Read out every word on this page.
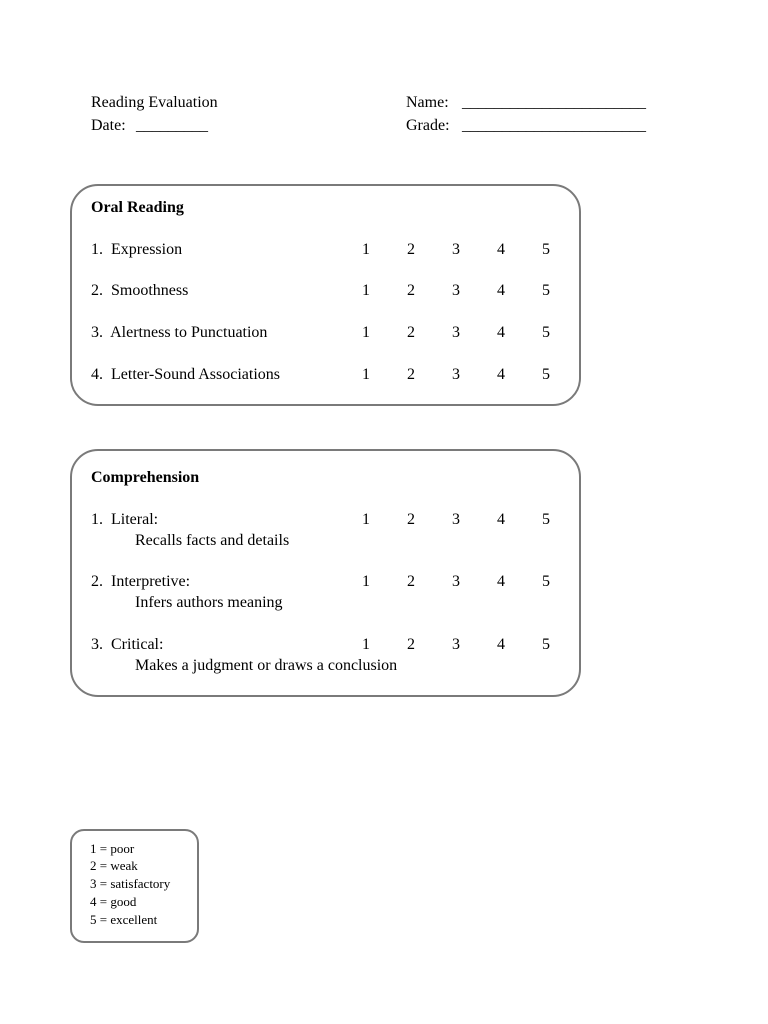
Reading Evaluation
Date: _________
Name: _______________________
Grade: _______________________
Oral Reading
1.  Expression	1	2	3	4	5
2.  Smoothness	1	2	3	4	5
3.  Alertness to Punctuation	1	2	3	4	5
4.  Letter-Sound Associations	1	2	3	4	5
Comprehension
1.  Literal:
Recalls facts and details
1	2	3	4	5
2.  Interpretive:
Infers authors meaning
1	2	3	4	5
3.  Critical:
Makes a judgment or draws a conclusion
1	2	3	4	5
1 = poor
2 = weak
3 = satisfactory
4 = good
5 = excellent
